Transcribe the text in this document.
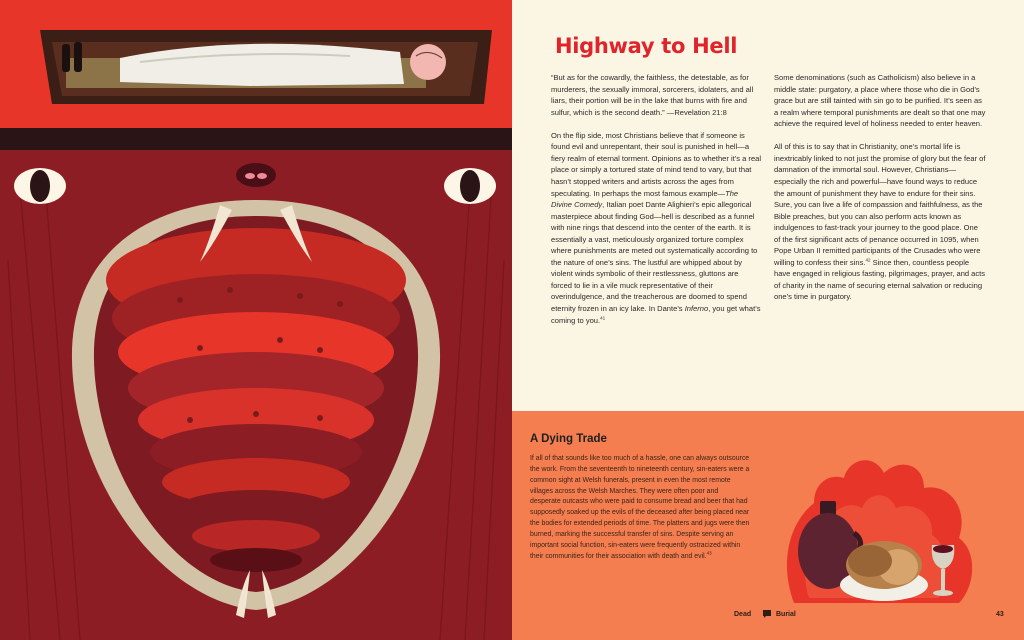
Highway to Hell

“But as for the cowardly, the faithless, the detestable, as for murderers, the sexually immoral, sorcerers, idolaters, and all liars, their portion will be in the lake that burns with fire and sulfur, which is the second death.” —Revelation 21:8

On the flip side, most Christians believe that if someone is found evil and unrepentant, their soul is punished in hell—a fiery realm of eternal torment. Opinions as to whether it’s a real place or simply a tortured state of mind tend to vary, but that hasn’t stopped writers and artists across the ages from speculating. In perhaps the most famous example—The Divine Comedy, Italian poet Dante Alighieri’s epic allegorical masterpiece about finding God—hell is described as a funnel with nine rings that descend into the center of the earth. It is essentially a vast, meticulously organized torture complex where punishments are meted out systematically according to the nature of one’s sins. The lustful are whipped about by violent winds symbolic of their restlessness, gluttons are forced to lie in a vile muck representative of their overindulgence, and the treacherous are doomed to spend eternity frozen in an icy lake. In Dante’s Inferno, you get what’s coming to you.$^{41}$

Some denominations (such as Catholicism) also believe in a middle state: purgatory, a place where those who die in God’s grace but are still tainted with sin go to be purified. It’s seen as a realm where temporal punishments are dealt so that one may achieve the required level of holiness needed to enter heaven.

All of this is to say that in Christianity, one’s mortal life is inextricably linked to not just the promise of glory but the fear of damnation of the immortal soul. However, Christians—especially the rich and powerful—have found ways to reduce the amount of punishment they have to endure for their sins. Sure, you can live a life of compassion and faithfulness, as the Bible preaches, but you can also perform acts known as indulgences to fast-track your journey to the good place. One of the first significant acts of penance occurred in 1095, when Pope Urban II remitted participants of the Crusades who were willing to confess their sins.$^{42}$ Since then, countless people have engaged in religious fasting, pilgrimages, prayer, and acts of charity in the name of securing eternal salvation or reducing one’s time in purgatory.

A Dying Trade

If all of that sounds like too much of a hassle, one can always outsource the work. From the seventeenth to nineteenth century, sin-eaters were a common sight at Welsh funerals, present in even the most remote villages across the Welsh Marches. They were often poor and desperate outcasts who were paid to consume bread and beer that had supposedly soaked up the evils of the deceased after being placed near the bodies for extended periods of time. The platters and jugs were then burned, marking the successful transfer of sins. Despite serving an important social function, sin-eaters were frequently ostracized within their communities for their association with death and evil.$^{43}$

Dead	Burial	43
